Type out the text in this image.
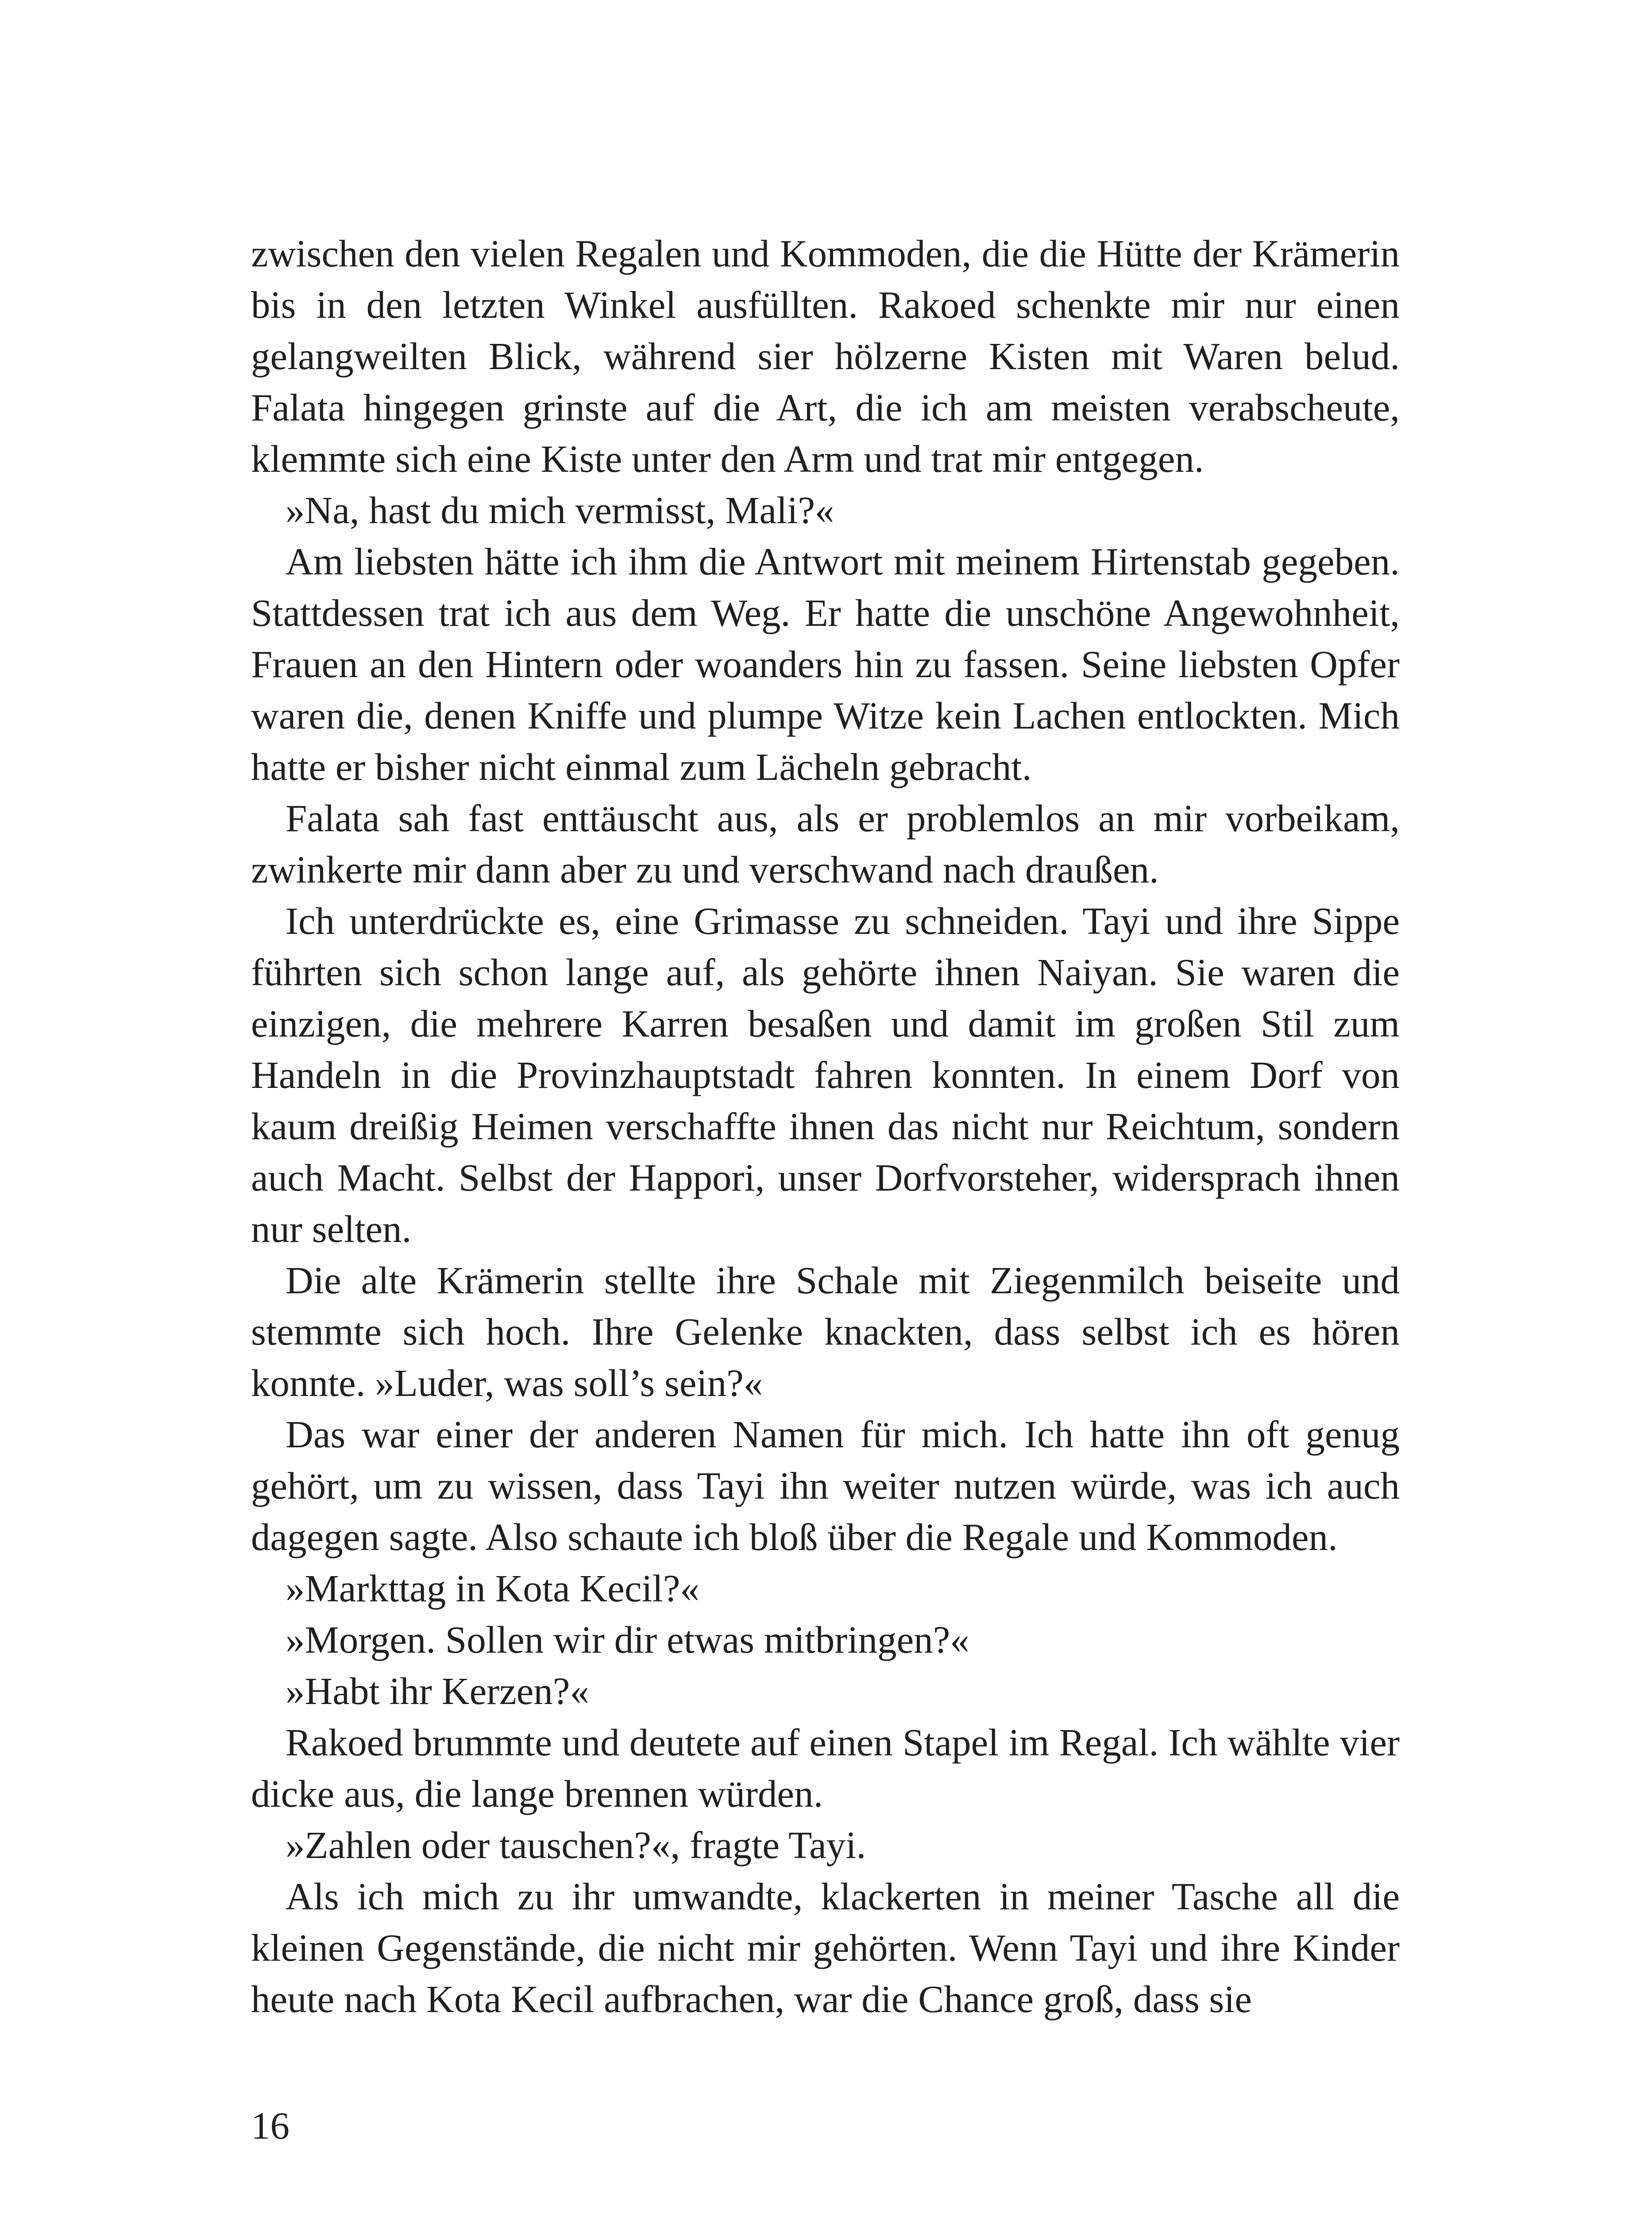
zwischen den vielen Regalen und Kommoden, die die Hütte der Krämerin bis in den letzten Winkel ausfüllten. Rakoed schenkte mir nur einen gelangweilten Blick, während sier hölzerne Kisten mit Waren belud. Falata hingegen grinste auf die Art, die ich am meisten verabscheute, klemmte sich eine Kiste unter den Arm und trat mir entgegen.

»Na, hast du mich vermisst, Mali?«

Am liebsten hätte ich ihm die Antwort mit meinem Hirtenstab gegeben. Stattdessen trat ich aus dem Weg. Er hatte die unschöne Angewohnheit, Frauen an den Hintern oder woanders hin zu fassen. Seine liebsten Opfer waren die, denen Kniffe und plumpe Witze kein Lachen entlockten. Mich hatte er bisher nicht einmal zum Lächeln gebracht.

Falata sah fast enttäuscht aus, als er problemlos an mir vorbeikam, zwinkerte mir dann aber zu und verschwand nach draußen.

Ich unterdrückte es, eine Grimasse zu schneiden. Tayi und ihre Sippe führten sich schon lange auf, als gehörte ihnen Naiyan. Sie waren die einzigen, die mehrere Karren besaßen und damit im großen Stil zum Handeln in die Provinzhauptstadt fahren konnten. In einem Dorf von kaum dreißig Heimen verschaffte ihnen das nicht nur Reichtum, sondern auch Macht. Selbst der Happori, unser Dorfvorsteher, widersprach ihnen nur selten.

Die alte Krämerin stellte ihre Schale mit Ziegenmilch beiseite und stemmte sich hoch. Ihre Gelenke knackten, dass selbst ich es hören konnte. »Luder, was soll’s sein?«

Das war einer der anderen Namen für mich. Ich hatte ihn oft genug gehört, um zu wissen, dass Tayi ihn weiter nutzen würde, was ich auch dagegen sagte. Also schaute ich bloß über die Regale und Kommoden.

»Markttag in Kota Kecil?«

»Morgen. Sollen wir dir etwas mitbringen?«

»Habt ihr Kerzen?«

Rakoed brummte und deutete auf einen Stapel im Regal. Ich wählte vier dicke aus, die lange brennen würden.

»Zahlen oder tauschen?«, fragte Tayi.

Als ich mich zu ihr umwandte, klackerten in meiner Tasche all die kleinen Gegenstände, die nicht mir gehörten. Wenn Tayi und ihre Kinder heute nach Kota Kecil aufbrachen, war die Chance groß, dass sie

16
